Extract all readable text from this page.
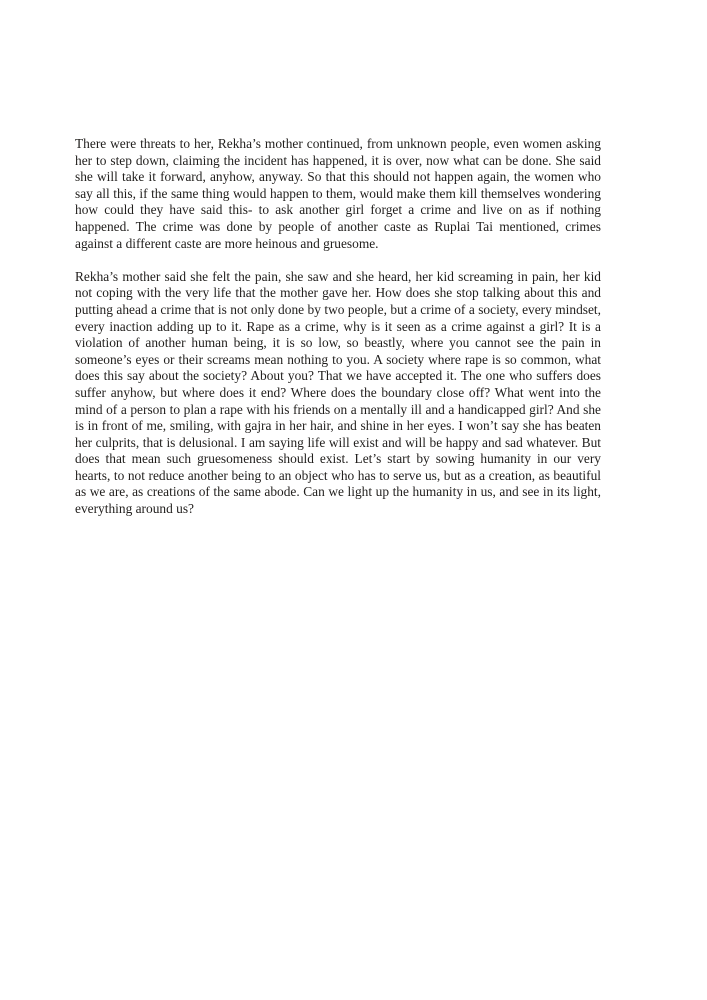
There were threats to her, Rekha’s mother continued, from unknown people, even women asking her to step down, claiming the incident has happened, it is over, now what can be done. She said she will take it forward, anyhow, anyway. So that this should not happen again, the women who say all this, if the same thing would happen to them, would make them kill themselves wondering how could they have said this- to ask another girl forget a crime and live on as if nothing happened. The crime was done by people of another caste as Ruplai Tai mentioned, crimes against a different caste are more heinous and gruesome.

Rekha’s mother said she felt the pain, she saw and she heard, her kid screaming in pain, her kid not coping with the very life that the mother gave her. How does she stop talking about this and putting ahead a crime that is not only done by two people, but a crime of a society, every mindset, every inaction adding up to it. Rape as a crime, why is it seen as a crime against a girl? It is a violation of another human being, it is so low, so beastly, where you cannot see the pain in someone’s eyes or their screams mean nothing to you. A society where rape is so common, what does this say about the society? About you? That we have accepted it. The one who suffers does suffer anyhow, but where does it end? Where does the boundary close off? What went into the mind of a person to plan a rape with his friends on a mentally ill and a handicapped girl? And she is in front of me, smiling, with gajra in her hair, and shine in her eyes. I won’t say she has beaten her culprits, that is delusional. I am saying life will exist and will be happy and sad whatever. But does that mean such gruesomeness should exist. Let’s start by sowing humanity in our very hearts, to not reduce another being to an object who has to serve us, but as a creation, as beautiful as we are, as creations of the same abode. Can we light up the humanity in us, and see in its light, everything around us?
